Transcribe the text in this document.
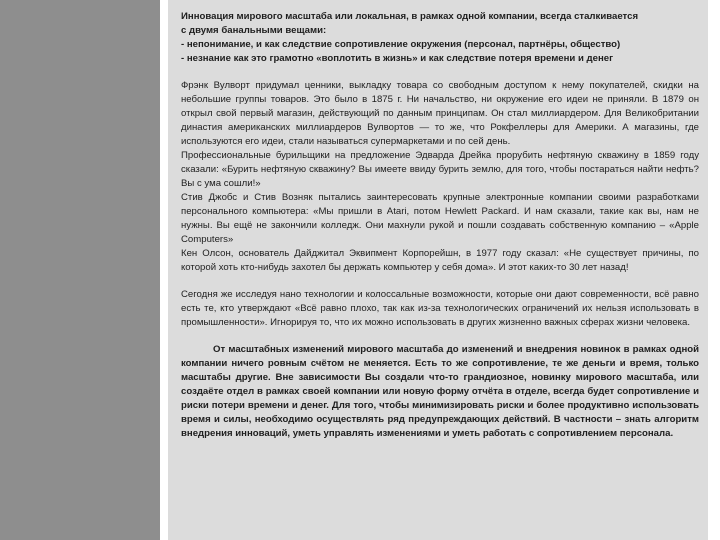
Инновация мирового масштаба или локальная, в рамках одной компании, всегда сталкивается

с двумя банальными вещами:

- непонимание, и как следствие сопротивление окружения (персонал, партнёры, общество)

- незнание как это грамотно «воплотить в жизнь» и как следствие потеря времени и денег

Фрэнк Вулворт придумал ценники, выкладку товара со свободным доступом к нему покупателей, скидки на небольшие группы товаров. Это было в 1875 г. Ни начальство, ни окружение его идеи не приняли. В 1879 он открыл свой первый магазин, действующий по данным принципам. Он стал миллиардером. Для Великобритании династия американских миллиардеров Вулвортов — то же, что Рокфеллеры для Америки. А магазины, где используются его идеи, стали называться супермаркетами и по сей день.

Профессиональные бурильщики на предложение Эдварда Дрейка прорубить нефтяную скважину в 1859 году сказали: «Бурить нефтяную скважину? Вы имеете ввиду бурить землю, для того, чтобы постараться найти нефть? Вы с ума сошли!»

Стив Джобс и Стив Возняк пытались заинтересовать крупные электронные компании своими разработками персонального компьютера: «Мы пришли в Atari, потом Hewlett Packard. И нам сказали, такие как вы, нам не нужны. Вы ещё не закончили колледж. Они махнули рукой и пошли создавать собственную компанию – «Apple Computers»

Кен Олсон, основатель Дайджитал Эквипмент Корпорейшн, в 1977 году сказал: «Не существует причины, по которой хоть кто-нибудь захотел бы держать компьютер у себя дома». И этот каких-то 30 лет назад!

Сегодня же исследуя нано технологии и колоссальные возможности, которые они дают современности, всё равно есть те, кто утверждают «Всё равно плохо, так как из-за технологических ограничений их нельзя использовать в промышленности». Игнорируя то, что их можно использовать в других жизненно важных сферах жизни человека.

От масштабных изменений мирового масштаба до изменений и внедрения новинок в рамках одной компании ничего ровным счётом не меняется. Есть то же сопротивление, те же деньги и время, только масштабы другие. Вне зависимости Вы создали что-то грандиозное, новинку мирового масштаба, или создаёте отдел в рамках своей компании или новую форму отчёта в отделе, всегда будет сопротивление и риски потери времени и денег. Для того, чтобы минимизировать риски и более продуктивно использовать время и силы, необходимо осуществлять ряд предупреждающих действий. В частности – знать алгоритм внедрения инноваций, уметь управлять изменениями и уметь работать с сопротивлением персонала.
